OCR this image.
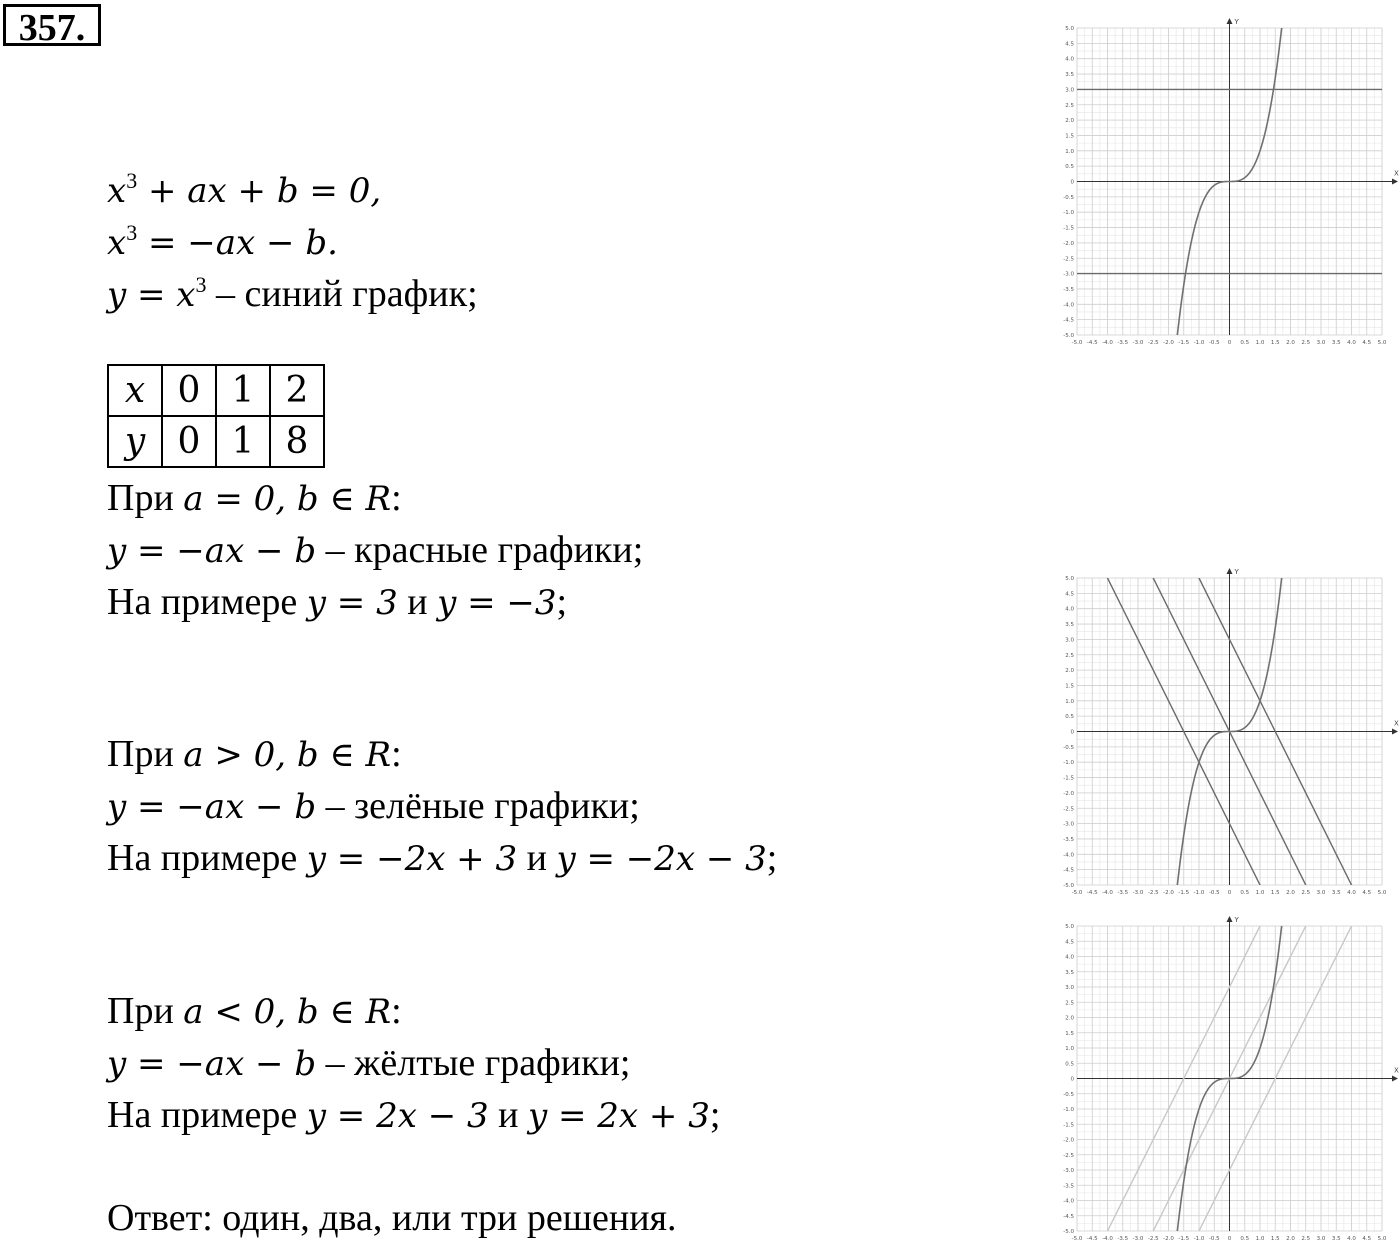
357.
$x^3$ + ax + b = 0,
$x^3 = -ax - b$.
$y = x^3$ – синий график;
x	0	1	2
y	0	1	8
При a = 0, b ∈ R:
y = −ax − b – красные графики;
На примере y = 3 и y = −3;
При a > 0, b ∈ R:
y = −ax − b – зелёные графики;
На примере y = −2x + 3 и y = −2x − 3;
При a < 0, b ∈ R:
y = −ax − b – жёлтые графики;
На примере y = 2x − 3 и y = 2x + 3;
Ответ: один, два, или три решения.
X
Y
-5.0
-5.0
-4.5
-4.5
-4.0
-4.0
-3.5
-3.5
-3.0
-3.0
-2.5
-2.5
-2.0
-2.0
-1.5
-1.5
-1.0
-1.0
-0.5
-0.5
0
0
0.5
0.5
1.0
1.0
1.5
1.5
2.0
2.0
2.5
2.5
3.0
3.0
3.5
3.5
4.0
4.0
4.5
4.5
5.0
5.0
X
Y
-5.0
-5.0
-4.5
-4.5
-4.0
-4.0
-3.5
-3.5
-3.0
-3.0
-2.5
-2.5
-2.0
-2.0
-1.5
-1.5
-1.0
-1.0
-0.5
-0.5
0
0
0.5
0.5
1.0
1.0
1.5
1.5
2.0
2.0
2.5
2.5
3.0
3.0
3.5
3.5
4.0
4.0
4.5
4.5
5.0
5.0
X
Y
-5.0
-5.0
-4.5
-4.5
-4.0
-4.0
-3.5
-3.5
-3.0
-3.0
-2.5
-2.5
-2.0
-2.0
-1.5
-1.5
-1.0
-1.0
-0.5
-0.5
0
0
0.5
0.5
1.0
1.0
1.5
1.5
2.0
2.0
2.5
2.5
3.0
3.0
3.5
3.5
4.0
4.0
4.5
4.5
5.0
5.0
